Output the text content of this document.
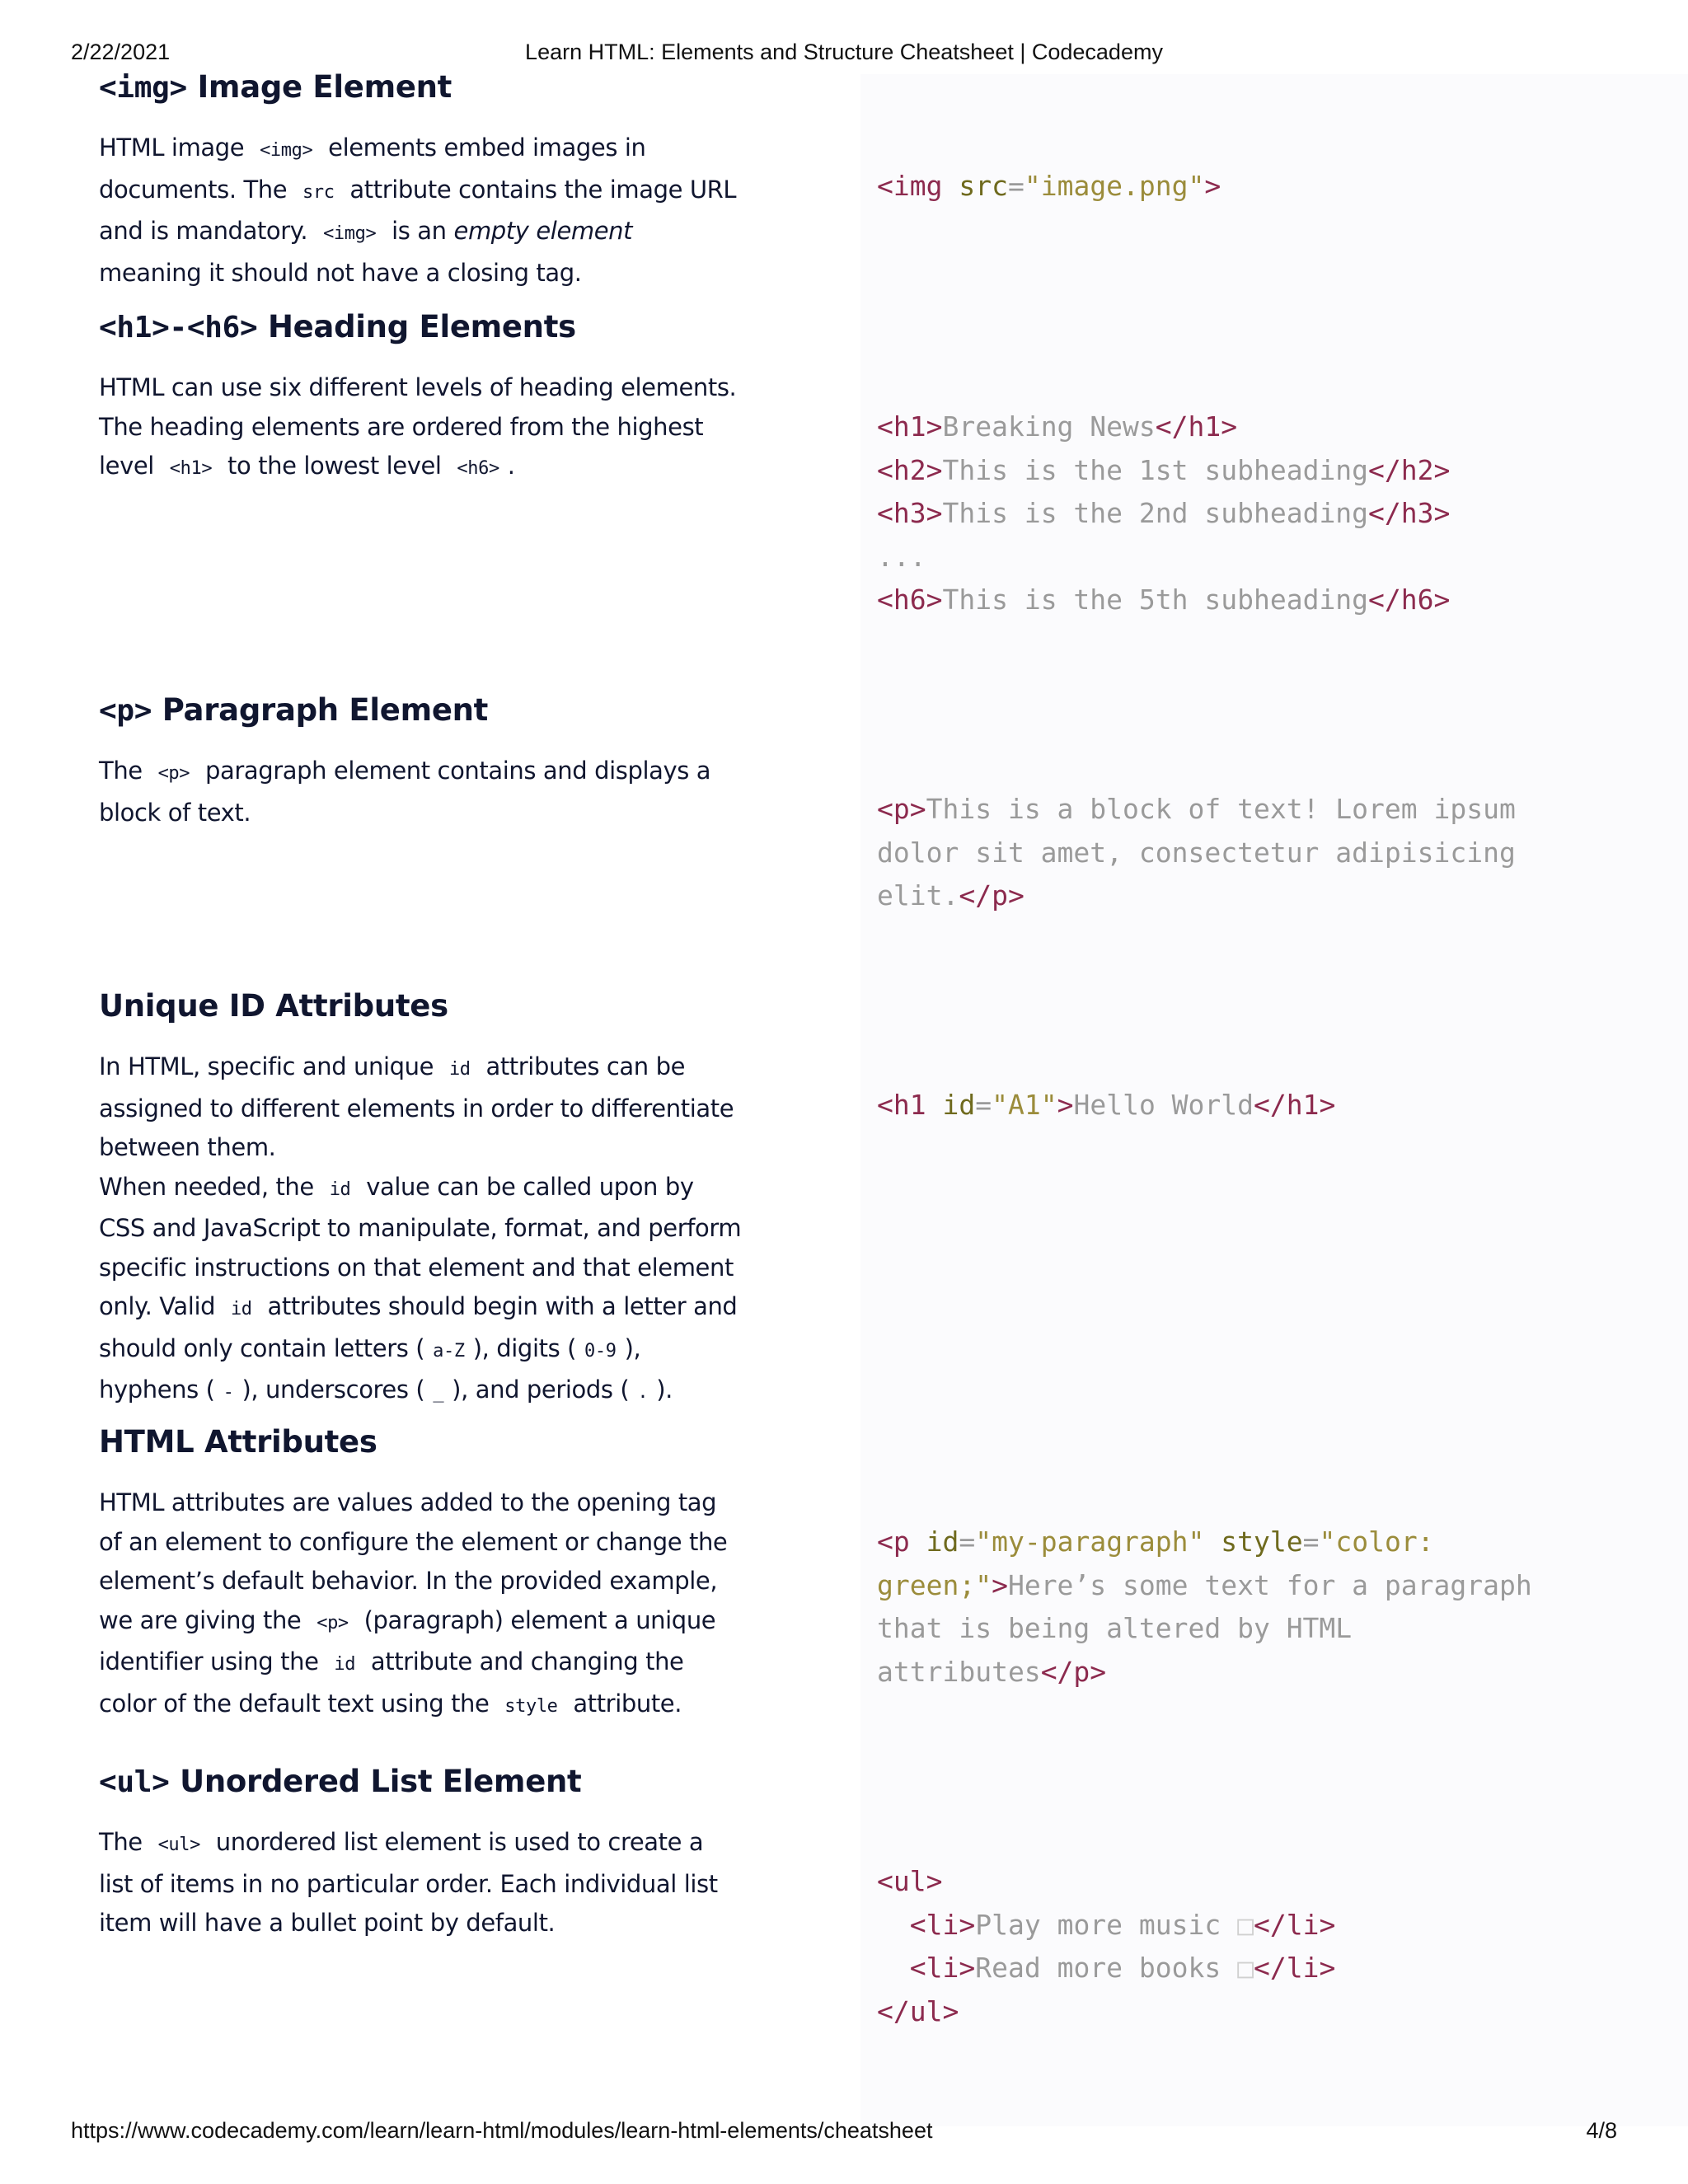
2/22/2021	Learn HTML: Elements and Structure Cheatsheet | Codecademy
<img> Image Element

HTML image <img> elements embed images in documents. The src attribute contains the image URL and is mandatory. <img> is an empty element meaning it should not have a closing tag.

<img src="image.png">
<h1>-<h6> Heading Elements

HTML can use six different levels of heading elements. The heading elements are ordered from the highest level <h1> to the lowest level <h6> .

<h1>Breaking News</h1>
<h2>This is the 1st subheading</h2>
<h3>This is the 2nd subheading</h3>
...
<h6>This is the 5th subheading</h6>
<p> Paragraph Element

The <p> paragraph element contains and displays a block of text.	<p>This is a block of text! Lorem ipsum
dolor sit amet, consectetur adipisicing
elit.</p>
Unique ID Attributes

In HTML, specific and unique id attributes can be assigned to different elements in order to differentiate between them.

When needed, the id value can be called upon by CSS and JavaScript to manipulate, format, and perform specific instructions on that element and that element only. Valid id attributes should begin with a letter and should only contain letters ( a-Z ), digits ( 0-9 ), hyphens ( - ), underscores ( _ ), and periods ( . ).

<h1 id="A1">Hello World</h1>
HTML Attributes

HTML attributes are values added to the opening tag of an element to configure the element or change the element’s default behavior. In the provided example, we are giving the <p> (paragraph) element a unique identifier using the id attribute and changing the color of the default text using the style attribute.

<p id="my-paragraph" style="color:
green;">Here’s some text for a paragraph
that is being altered by HTML
attributes</p>
<ul> Unordered List Element

The <ul> unordered list element is used to create a list of items in no particular order. Each individual list item will have a bullet point by default.

<ul>
<li>Play more music □</li>
<li>Read more books □</li>
</ul>
https://www.codecademy.com/learn/learn-html/modules/learn-html-elements/cheatsheet	4/8
